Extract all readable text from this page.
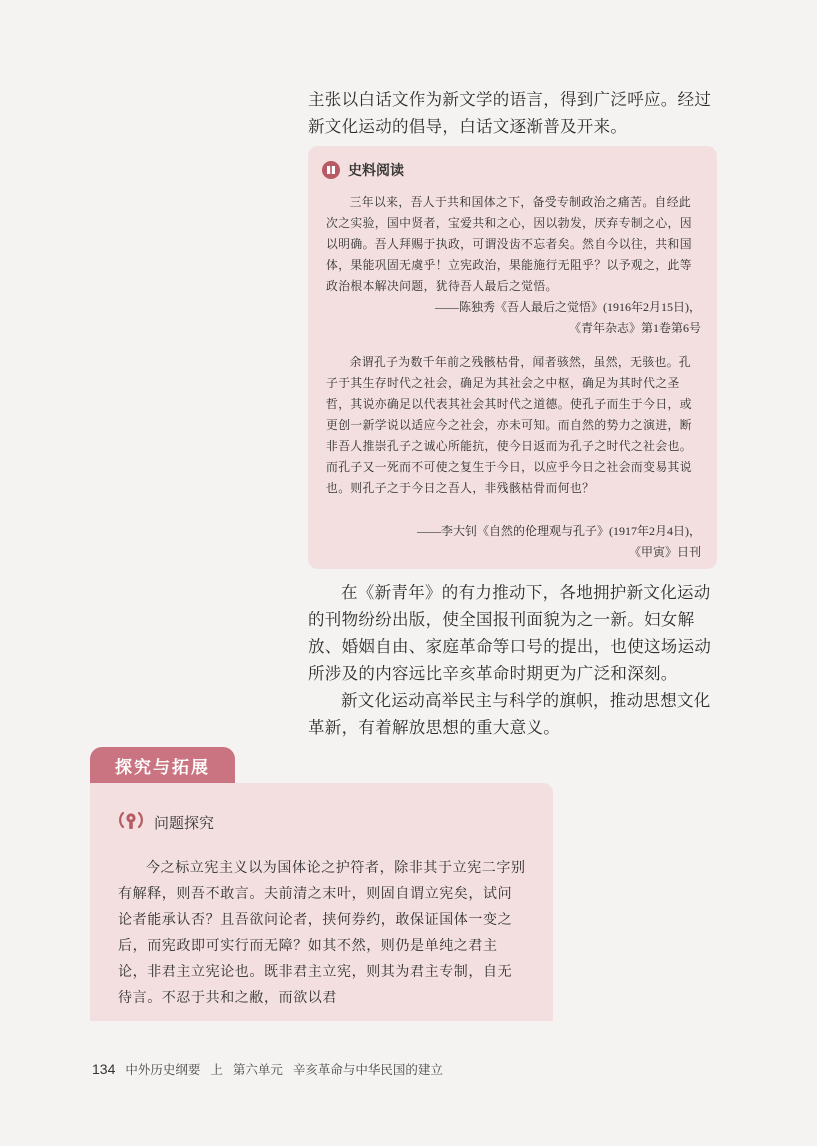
主张以白话文作为新文学的语言，得到广泛呼应。经过新文化运动的倡导，白话文逐渐普及开来。

史料阅读

三年以来，吾人于共和国体之下，备受专制政治之痛苦。自经此次之实验，国中贤者，宝爱共和之心，因以勃发，厌弃专制之心，因以明确。吾人拜赐于执政，可谓没齿不忘者矣。然自今以往，共和国体，果能巩固无虞乎！立宪政治，果能施行无阻乎？以予观之，此等政治根本解决问题，犹待吾人最后之觉悟。

——陈独秀《吾人最后之觉悟》(1916年2月15日)，

《青年杂志》第1卷第6号

余谓孔子为数千年前之残骸枯骨，闻者骇然，虽然，无骇也。孔子于其生存时代之社会，确足为其社会之中枢，确足为其时代之圣哲，其说亦确足以代表其社会其时代之道德。使孔子而生于今日，或更创一新学说以适应今之社会，亦未可知。而自然的势力之演进，断非吾人推崇孔子之诚心所能抗，使今日返而为孔子之时代之社会也。而孔子又一死而不可使之复生于今日，以应乎今日之社会而变易其说也。则孔子之于今日之吾人，非残骸枯骨而何也？

——李大钊《自然的伦理观与孔子》(1917年2月4日)，

《甲寅》日刊

在《新青年》的有力推动下，各地拥护新文化运动的刊物纷纷出版，使全国报刊面貌为之一新。妇女解放、婚姻自由、家庭革命等口号的提出，也使这场运动所涉及的内容远比辛亥革命时期更为广泛和深刻。

新文化运动高举民主与科学的旗帜，推动思想文化革新，有着解放思想的重大意义。

探究与拓展
问题探究

今之标立宪主义以为国体论之护符者，除非其于立宪二字别有解释，则吾不敢言。夫前清之末叶，则固自谓立宪矣，试问论者能承认否？且吾欲问论者，挟何券约，敢保证国体一变之后，而宪政即可实行而无障？如其不然，则仍是单纯之君主论，非君主立宪论也。既非君主立宪，则其为君主专制，自无待言。不忍于共和之敝，而欲以君

134 中外历史纲要 上 第六单元 辛亥革命与中华民国的建立
